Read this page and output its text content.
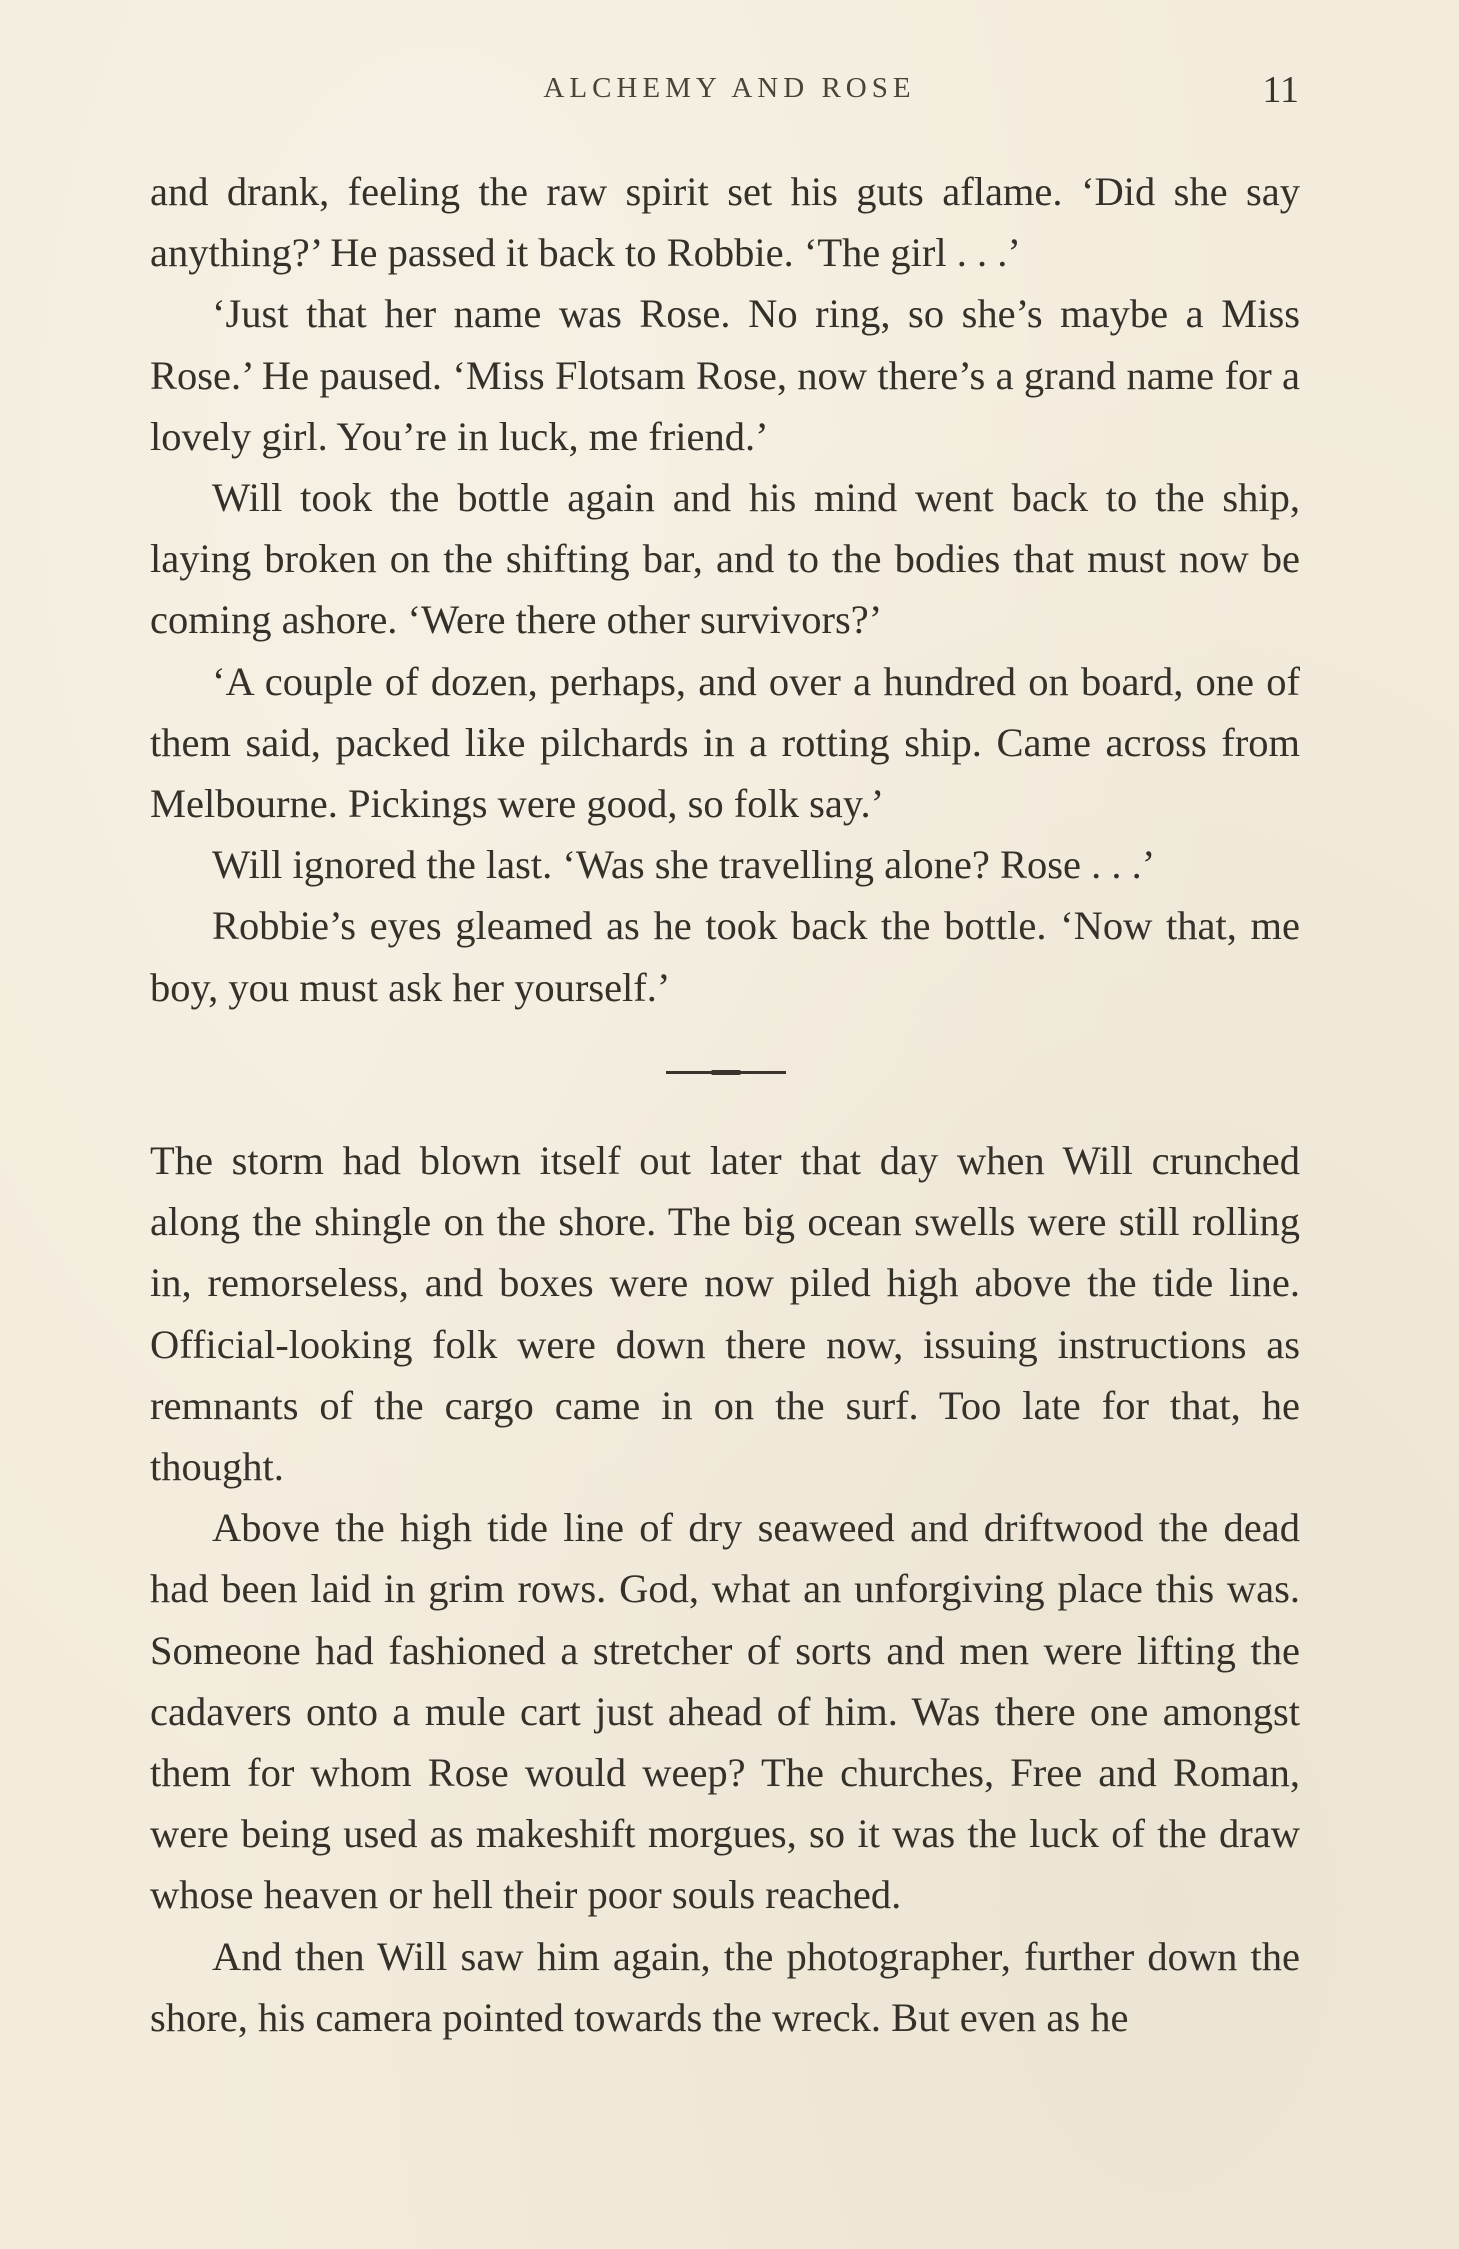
ALCHEMY AND ROSE	11

and drank, feeling the raw spirit set his guts aflame. ‘Did she say anything?’ He passed it back to Robbie. ‘The girl . . .’

‘Just that her name was Rose. No ring, so she’s maybe a Miss Rose.’ He paused. ‘Miss Flotsam Rose, now there’s a grand name for a lovely girl. You’re in luck, me friend.’

Will took the bottle again and his mind went back to the ship, laying broken on the shifting bar, and to the bodies that must now be coming ashore. ‘Were there other survivors?’

‘A couple of dozen, perhaps, and over a hundred on board, one of them said, packed like pilchards in a rotting ship. Came across from Melbourne. Pickings were good, so folk say.’

Will ignored the last. ‘Was she travelling alone? Rose . . .’

Robbie’s eyes gleamed as he took back the bottle. ‘Now that, me boy, you must ask her yourself.’

The storm had blown itself out later that day when Will crunched along the shingle on the shore. The big ocean swells were still rolling in, remorseless, and boxes were now piled high above the tide line. Official-looking folk were down there now, issuing instructions as remnants of the cargo came in on the surf. Too late for that, he thought.

Above the high tide line of dry seaweed and driftwood the dead had been laid in grim rows. God, what an unforgiving place this was. Someone had fashioned a stretcher of sorts and men were lifting the cadavers onto a mule cart just ahead of him. Was there one amongst them for whom Rose would weep? The churches, Free and Roman, were being used as makeshift morgues, so it was the luck of the draw whose heaven or hell their poor souls reached.

And then Will saw him again, the photographer, further down the shore, his camera pointed towards the wreck. But even as he
